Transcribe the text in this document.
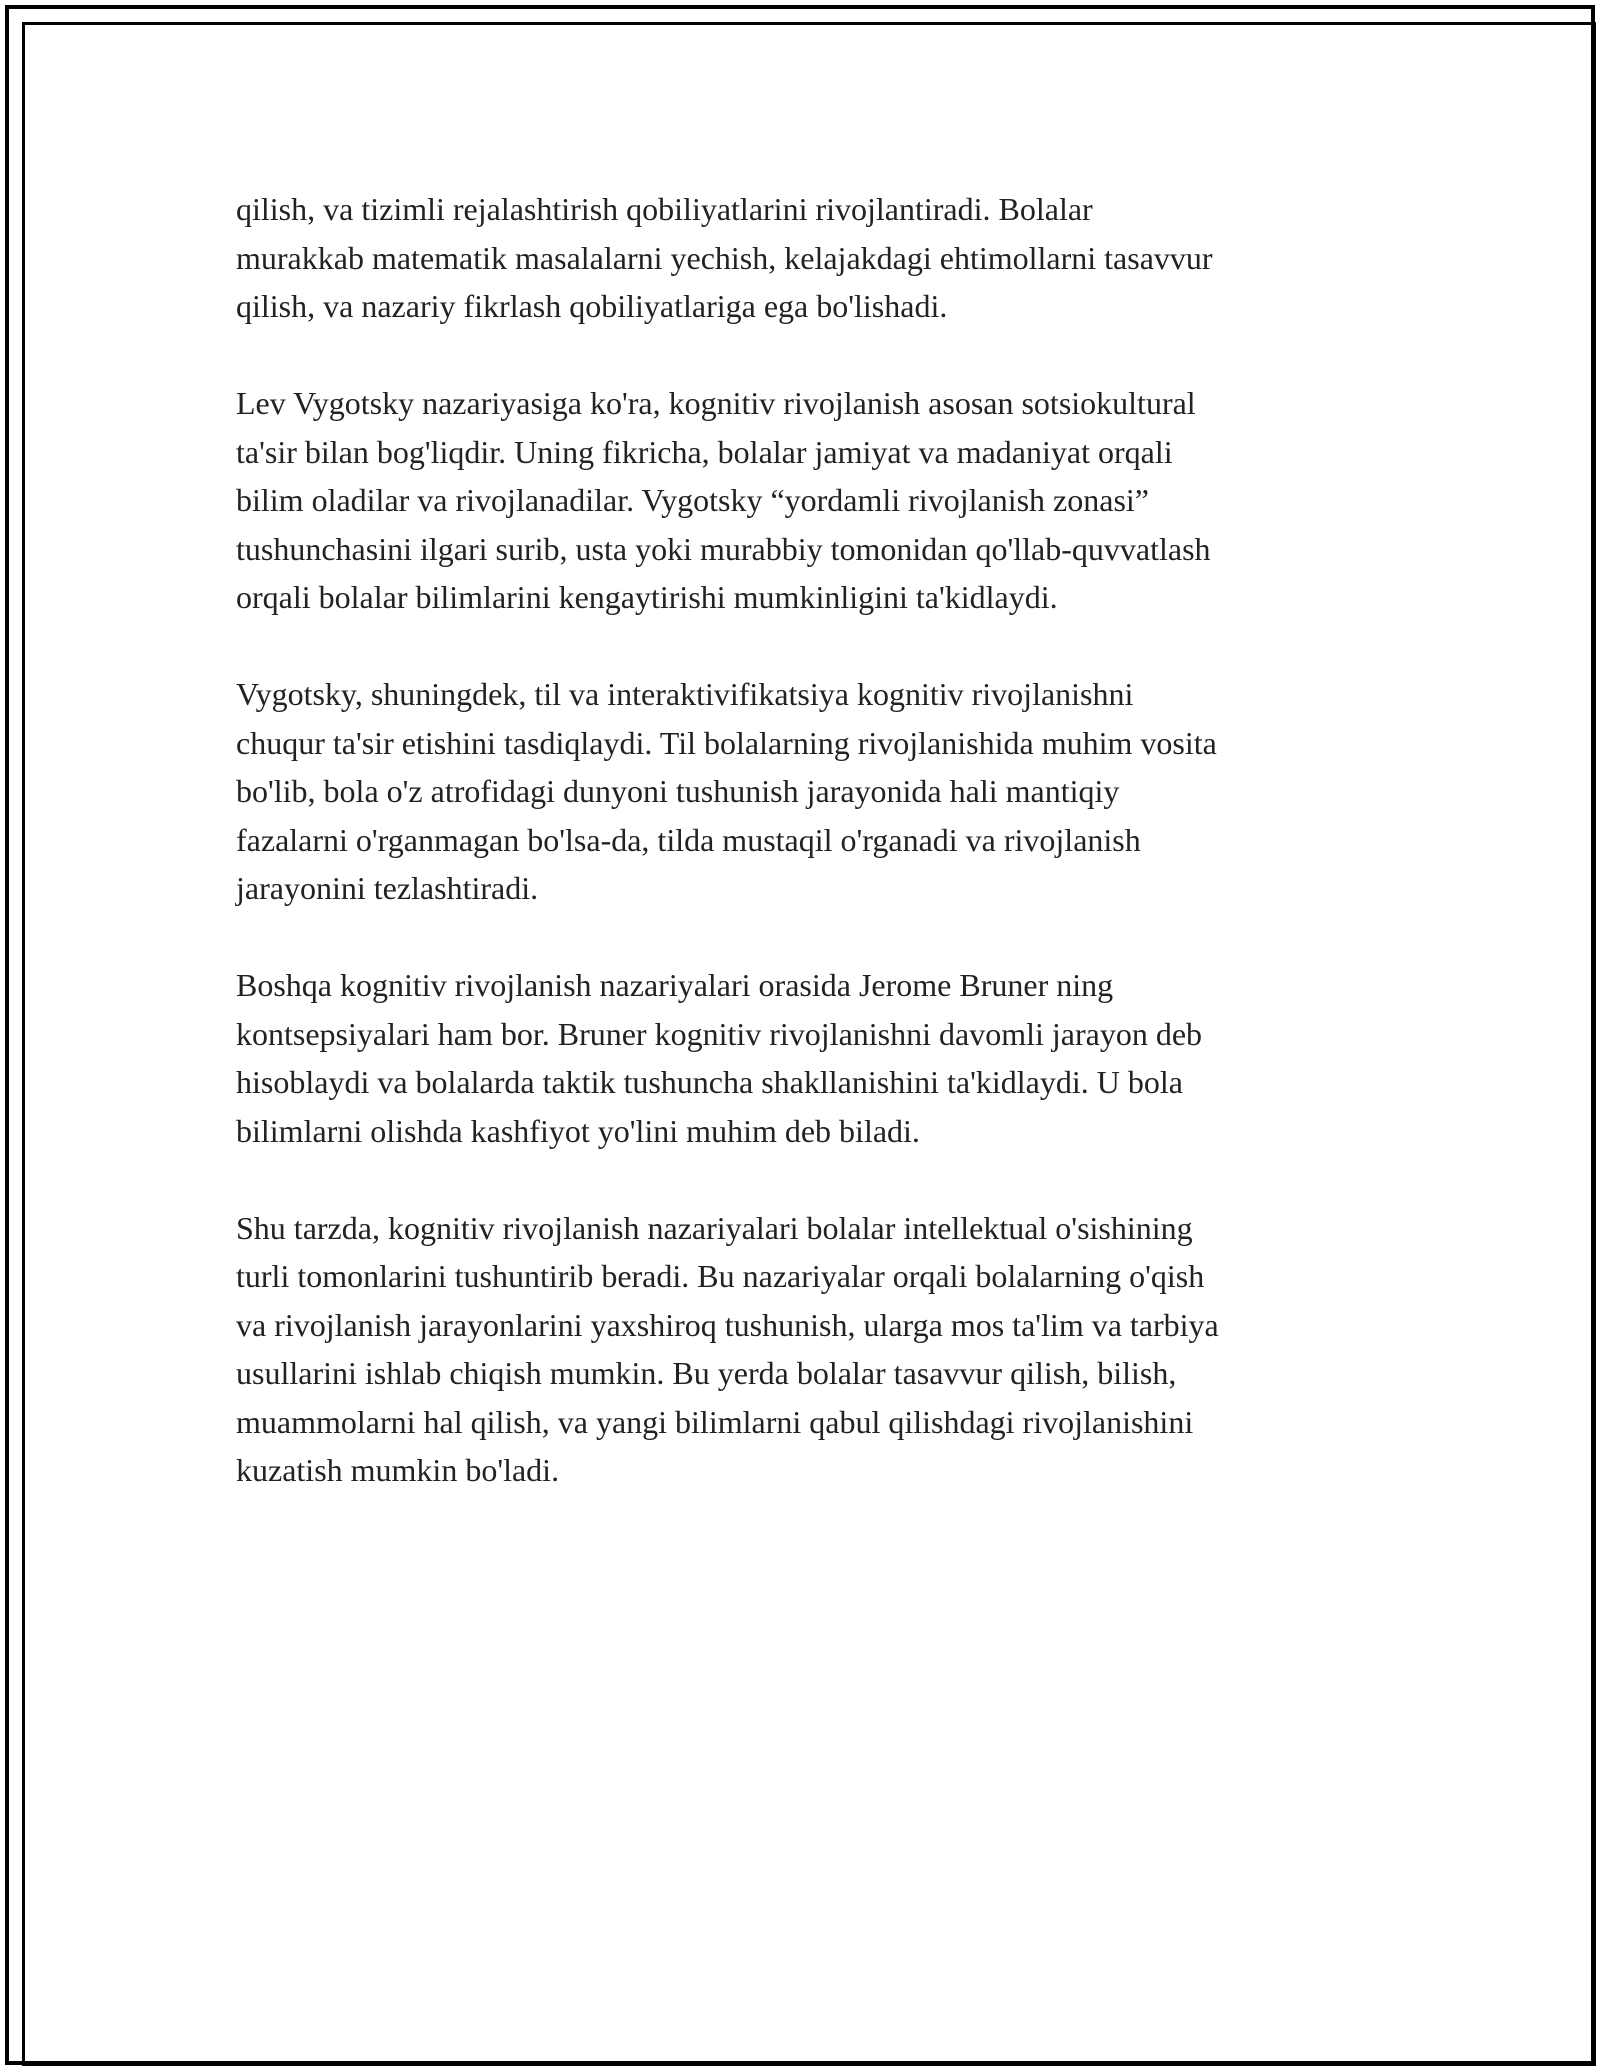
qilish, va tizimli rejalashtirish qobiliyatlarini rivojlantiradi. Bolalar
murakkab matematik masalalarni yechish, kelajakdagi ehtimollarni tasavvur
qilish, va nazariy fikrlash qobiliyatlariga ega bo'lishadi.

Lev Vygotsky nazariyasiga ko'ra, kognitiv rivojlanish asosan sotsiokultural
ta'sir bilan bog'liqdir. Uning fikricha, bolalar jamiyat va madaniyat orqali
bilim oladilar va rivojlanadilar. Vygotsky “yordamli rivojlanish zonasi”
tushunchasini ilgari surib, usta yoki murabbiy tomonidan qo'llab-quvvatlash
orqali bolalar bilimlarini kengaytirishi mumkinligini ta'kidlaydi.

Vygotsky, shuningdek, til va interaktivifikatsiya kognitiv rivojlanishni
chuqur ta'sir etishini tasdiqlaydi. Til bolalarning rivojlanishida muhim vosita
bo'lib, bola o'z atrofidagi dunyoni tushunish jarayonida hali mantiqiy
fazalarni o'rganmagan bo'lsa-da, tilda mustaqil o'rganadi va rivojlanish
jarayonini tezlashtiradi.

Boshqa kognitiv rivojlanish nazariyalari orasida Jerome Bruner ning
kontsepsiyalari ham bor. Bruner kognitiv rivojlanishni davomli jarayon deb
hisoblaydi va bolalarda taktik tushuncha shakllanishini ta'kidlaydi. U bola
bilimlarni olishda kashfiyot yo'lini muhim deb biladi.

Shu tarzda, kognitiv rivojlanish nazariyalari bolalar intellektual o'sishining
turli tomonlarini tushuntirib beradi. Bu nazariyalar orqali bolalarning o'qish
va rivojlanish jarayonlarini yaxshiroq tushunish, ularga mos ta'lim va tarbiya
usullarini ishlab chiqish mumkin. Bu yerda bolalar tasavvur qilish, bilish,
muammolarni hal qilish, va yangi bilimlarni qabul qilishdagi rivojlanishini
kuzatish mumkin bo'ladi.
